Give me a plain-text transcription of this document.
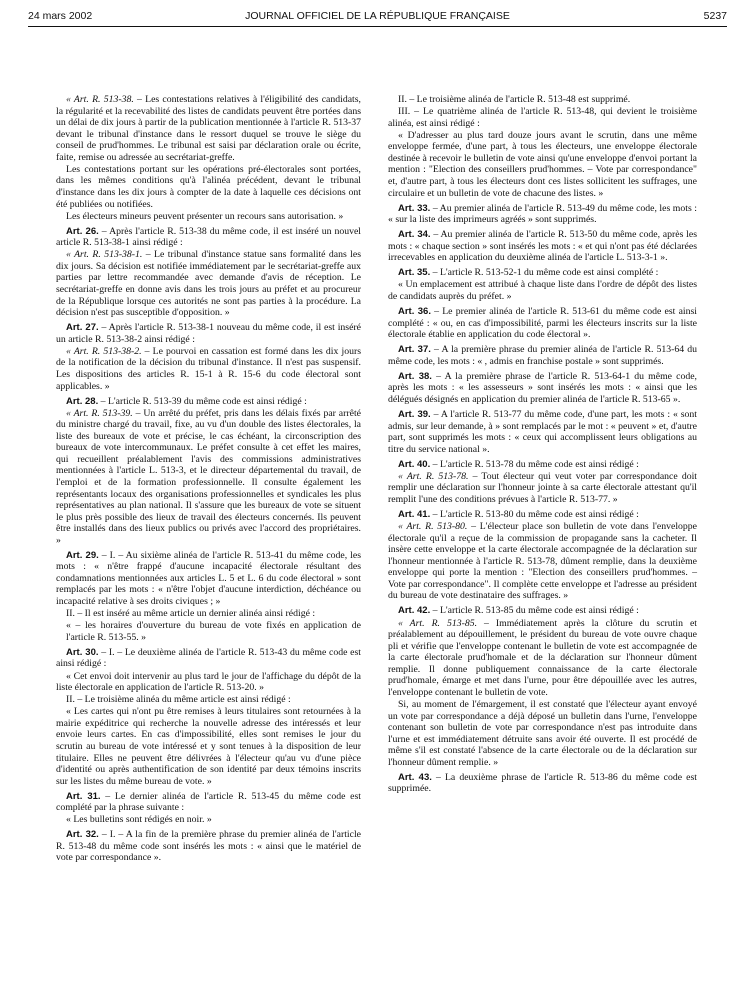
24 mars 2002	JOURNAL OFFICIEL DE LA RÉPUBLIQUE FRANÇAISE	5237

« Art. R. 513-38. – Les contestations relatives à l'éligibilité des candidats, la régularité et la recevabilité des listes de candidats peuvent être portées dans un délai de dix jours à partir de la publication mentionnée à l'article R. 513-37 devant le tribunal d'instance dans le ressort duquel se trouve le siège du conseil de prud'hommes. Le tribunal est saisi par déclaration orale ou écrite, faite, remise ou adressée au secrétariat-greffe.

Les contestations portant sur les opérations pré-électorales sont portées, dans les mêmes conditions qu'à l'alinéa précédent, devant le tribunal d'instance dans les dix jours à compter de la date à laquelle ces décisions ont été publiées ou notifiées.

Les électeurs mineurs peuvent présenter un recours sans autorisation. »

Art. 26. – Après l'article R. 513-38 du même code, il est inséré un nouvel article R. 513-38-1 ainsi rédigé :

« Art. R. 513-38-1. – Le tribunal d'instance statue sans formalité dans les dix jours. Sa décision est notifiée immédiatement par le secrétariat-greffe aux parties par lettre recommandée avec demande d'avis de réception. Le secrétariat-greffe en donne avis dans les trois jours au préfet et au procureur de la République lorsque ces autorités ne sont pas parties à la procédure. La décision n'est pas susceptible d'opposition. »

Art. 27. – Après l'article R. 513-38-1 nouveau du même code, il est inséré un article R. 513-38-2 ainsi rédigé :

« Art. R. 513-38-2. – Le pourvoi en cassation est formé dans les dix jours de la notification de la décision du tribunal d'instance. Il n'est pas suspensif. Les dispositions des articles R. 15-1 à R. 15-6 du code électoral sont applicables. »

Art. 28. – L'article R. 513-39 du même code est ainsi rédigé :

« Art. R. 513-39. – Un arrêté du préfet, pris dans les délais fixés par arrêté du ministre chargé du travail, fixe, au vu d'un double des listes électorales, la liste des bureaux de vote et précise, le cas échéant, la circonscription des bureaux de vote intercommunaux. Le préfet consulte à cet effet les maires, qui recueillent préalablement l'avis des commissions administratives mentionnées à l'article L. 513-3, et le directeur départemental du travail, de l'emploi et de la formation professionnelle. Il consulte également les représentants locaux des organisations professionnelles et syndicales les plus représentatives au plan national. Il s'assure que les bureaux de vote se situent le plus près possible des lieux de travail des électeurs concernés. Ils peuvent être installés dans des lieux publics ou privés avec l'accord des propriétaires. »

Art. 29. – I. – Au sixième alinéa de l'article R. 513-41 du même code, les mots : « n'être frappé d'aucune incapacité électorale résultant des condamnations mentionnées aux articles L. 5 et L. 6 du code électoral » sont remplacés par les mots : « n'être l'objet d'aucune interdiction, déchéance ou incapacité relative à ses droits civiques ; »

II. – Il est inséré au même article un dernier alinéa ainsi rédigé :

« – les horaires d'ouverture du bureau de vote fixés en application de l'article R. 513-55. »

Art. 30. – I. – Le deuxième alinéa de l'article R. 513-43 du même code est ainsi rédigé :

« Cet envoi doit intervenir au plus tard le jour de l'affichage du dépôt de la liste électorale en application de l'article R. 513-20. »

II. – Le troisième alinéa du même article est ainsi rédigé :

« Les cartes qui n'ont pu être remises à leurs titulaires sont retournées à la mairie expéditrice qui recherche la nouvelle adresse des intéressés et leur envoie leurs cartes. En cas d'impossibilité, elles sont remises le jour du scrutin au bureau de vote intéressé et y sont tenues à la disposition de leur titulaire. Elles ne peuvent être délivrées à l'électeur qu'au vu d'une pièce d'identité ou après authentification de son identité par deux témoins inscrits sur les listes du même bureau de vote. »

Art. 31. – Le dernier alinéa de l'article R. 513-45 du même code est complété par la phrase suivante :

« Les bulletins sont rédigés en noir. »

Art. 32. – I. – A la fin de la première phrase du premier alinéa de l'article R. 513-48 du même code sont insérés les mots : « ainsi que le matériel de vote par correspondance ».

II. – Le troisième alinéa de l'article R. 513-48 est supprimé.

III. – Le quatrième alinéa de l'article R. 513-48, qui devient le troisième alinéa, est ainsi rédigé :

« D'adresser au plus tard douze jours avant le scrutin, dans une même enveloppe fermée, d'une part, à tous les électeurs, une enveloppe électorale destinée à recevoir le bulletin de vote ainsi qu'une enveloppe d'envoi portant la mention : "Election des conseillers prud'hommes. – Vote par correspondance" et, d'autre part, à tous les électeurs dont ces listes sollicitent les suffrages, une circulaire et un bulletin de vote de chacune des listes. »

Art. 33. – Au premier alinéa de l'article R. 513-49 du même code, les mots : « sur la liste des imprimeurs agréés » sont supprimés.

Art. 34. – Au premier alinéa de l'article R. 513-50 du même code, après les mots : « chaque section » sont insérés les mots : « et qui n'ont pas été déclarées irrecevables en application du deuxième alinéa de l'article L. 513-3-1 ».

Art. 35. – L'article R. 513-52-1 du même code est ainsi complété :

« Un emplacement est attribué à chaque liste dans l'ordre de dépôt des listes de candidats auprès du préfet. »

Art. 36. – Le premier alinéa de l'article R. 513-61 du même code est ainsi complété : « ou, en cas d'impossibilité, parmi les électeurs inscrits sur la liste électorale établie en application du code électoral ».

Art. 37. – A la première phrase du premier alinéa de l'article R. 513-64 du même code, les mots : « , admis en franchise postale » sont supprimés.

Art. 38. – A la première phrase de l'article R. 513-64-1 du même code, après les mots : « les assesseurs » sont insérés les mots : « ainsi que les délégués désignés en application du premier alinéa de l'article R. 513-65 ».

Art. 39. – A l'article R. 513-77 du même code, d'une part, les mots : « sont admis, sur leur demande, à » sont remplacés par le mot : « peuvent » et, d'autre part, sont supprimés les mots : « ceux qui accomplissent leurs obligations au titre du service national ».

Art. 40. – L'article R. 513-78 du même code est ainsi rédigé :

« Art. R. 513-78. – Tout électeur qui veut voter par correspondance doit remplir une déclaration sur l'honneur jointe à sa carte électorale attestant qu'il remplit l'une des conditions prévues à l'article R. 513-77. »

Art. 41. – L'article R. 513-80 du même code est ainsi rédigé :

« Art. R. 513-80. – L'électeur place son bulletin de vote dans l'enveloppe électorale qu'il a reçue de la commission de propagande sans la cacheter. Il insère cette enveloppe et la carte électorale accompagnée de la déclaration sur l'honneur mentionnée à l'article R. 513-78, dûment remplie, dans la deuxième enveloppe qui porte la mention : "Election des conseillers prud'hommes. – Vote par correspondance". Il complète cette enveloppe et l'adresse au président du bureau de vote destinataire des suffrages. »

Art. 42. – L'article R. 513-85 du même code est ainsi rédigé :

« Art. R. 513-85. – Immédiatement après la clôture du scrutin et préalablement au dépouillement, le président du bureau de vote ouvre chaque pli et vérifie que l'enveloppe contenant le bulletin de vote est accompagnée de la carte électorale prud'homale et de la déclaration sur l'honneur dûment remplie. Il donne publiquement connaissance de la carte électorale prud'homale, émarge et met dans l'urne, pour être dépouillée avec les autres, l'enveloppe contenant le bulletin de vote.

Si, au moment de l'émargement, il est constaté que l'électeur ayant envoyé un vote par correspondance a déjà déposé un bulletin dans l'urne, l'enveloppe contenant son bulletin de vote par correspondance n'est pas introduite dans l'urne et est immédiatement détruite sans avoir été ouverte. Il est procédé de même s'il est constaté l'absence de la carte électorale ou de la déclaration sur l'honneur dûment remplie. »

Art. 43. – La deuxième phrase de l'article R. 513-86 du même code est supprimée.
